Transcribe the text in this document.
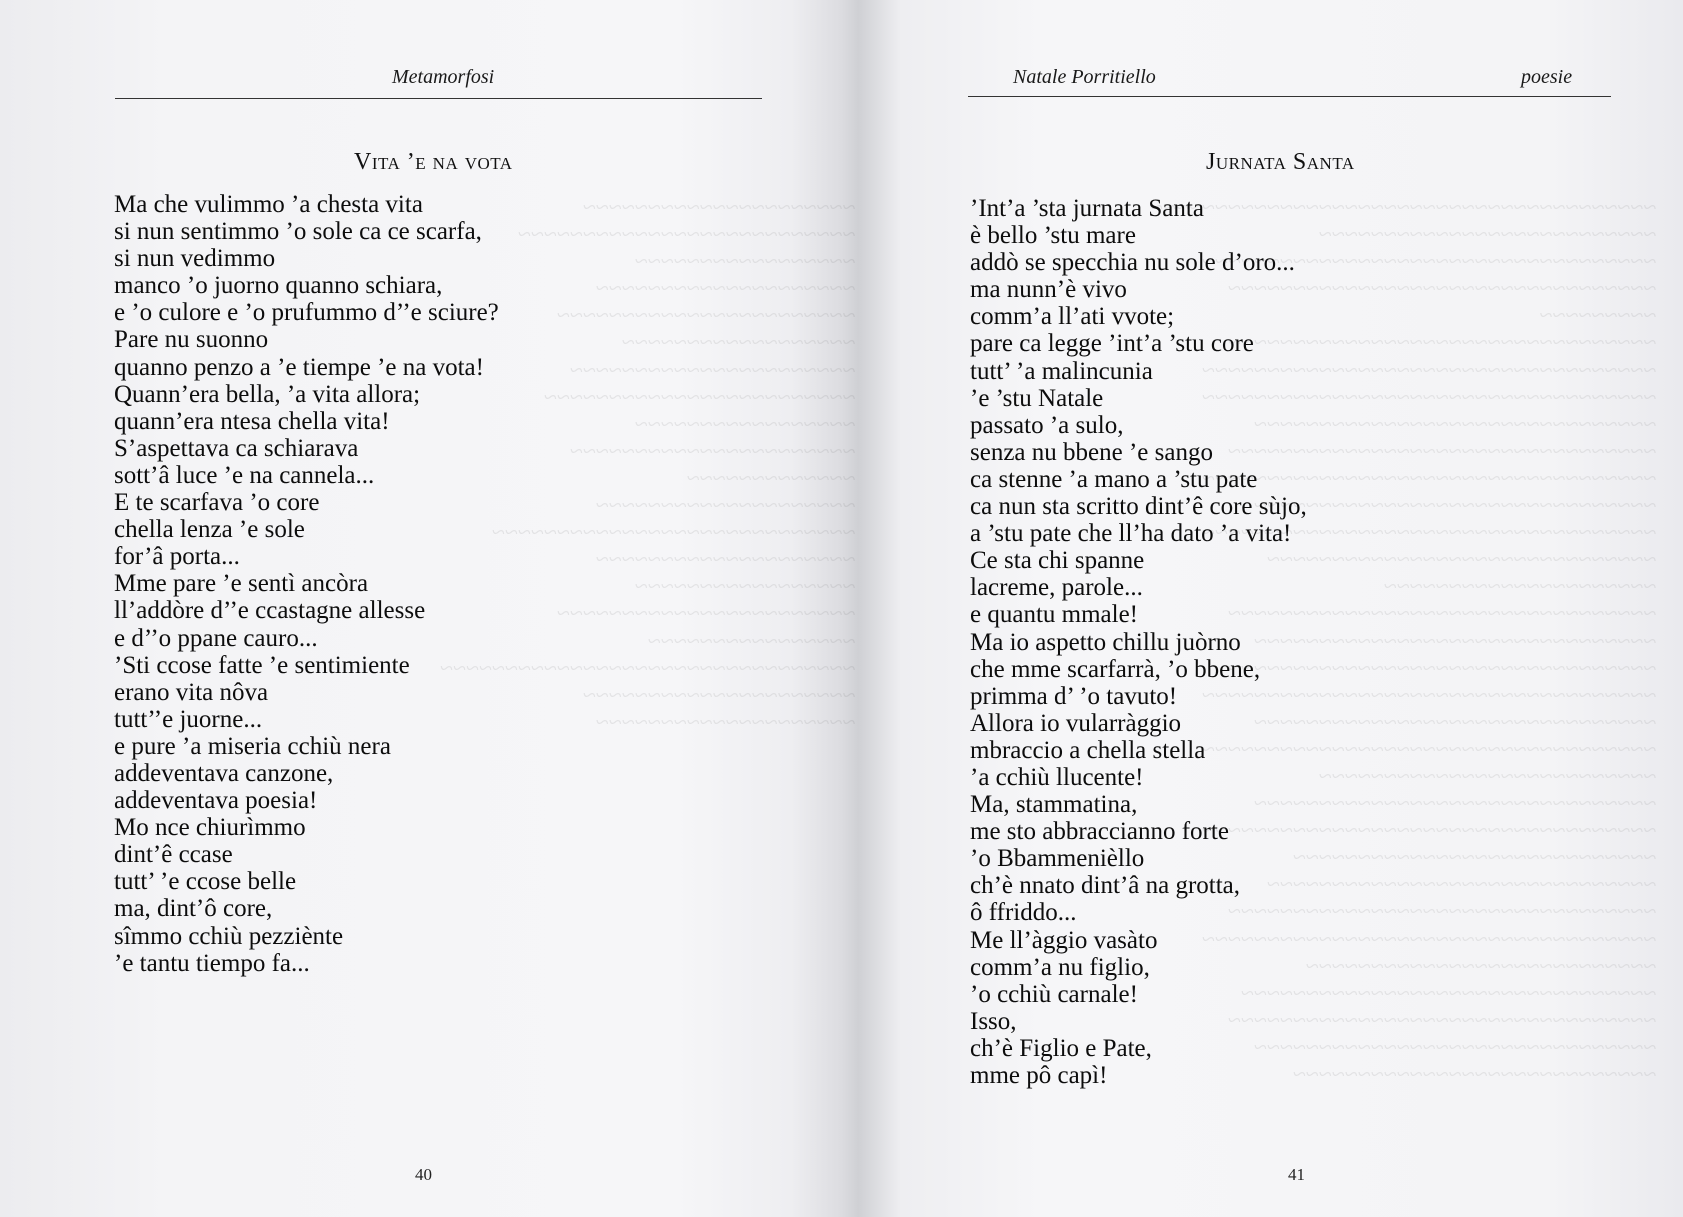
~~~~~~~~~~~~~~~~~~~~~
~~~~~~~~~~~~~~~~~~~~~~~~~~
~~~~~~~~~~~~~~~~~
~~~~~~~~~~~~~~~~~~~~
~~~~~~~~~~~~~~~~~~~~~~~
~~~~~~~~~~~~~~~~~~
~~~~~~~~~~~~~~~~~~~~~~
~~~~~~~~~~~~~~~~~~~~~~~~
~~~~~~~~~~~~~~~~~
~~~~~~~~~~~~~~~~~~~~~~
~~~~~~~~~~~~~
~~~~~~~~~~~~~~~~~~~~
~~~~~~~~~~~~~~~~~~~~~~~~~~~~
~~~~~~~~~~~~~~~~~~~~
~~~~~~~~~~~~~~~~~
~~~~~~~~~~~~~~~~~~~~~~~
~~~~~~~~~~~~~~~~
~~~~~~~~~~~~~~~~~~~~~~~~~~~~~~~~
~~~~~~~~~~~~~~~~~~~~~
~~~~~~~~~~~~~~~~~~~~
~~~~~~~~~~~~~~~~~~~~~~~~~~~~~~~~~~~~~~~
~~~~~~~~~~~~~~~~~~~~~~~~~~
~~~~~~~~~~~~~~~~~~~~~~~~~~~~~~~~~~~
~~~~~~~~~~~~~~~~~~~~~~~~~~~~~~~~~
~~~~~~~~~
~~~~~~~~~~~~~~~~~~~~~~~~~~~~~~~~~
~~~~~~~~~~~~~~~~~~~~~~~~~~~~~~~~~~~
~~~~~~~~~~~~~~~~~~~~~~~~~~~~~~~~~~~
~~~~~~~~~~~~~~~~~~~~~~~~~~~~~~~
~~~~~~~~~~~~~~~~~~~~~~~~~~~~~~~~~
~~~~~~~~~~~~~~~~~~~~~~~~~~~~~~~~~~~
~~~~~~~~~~~~~~~~~~~~~~~~~~~~~~~
~~~~~~~~~~~~~~~~~~~~~~~~~~~~~~~~~~~
~~~~~~~~~~~~~~~~~~~~~~~~~~~~~~
~~~~~~~~~~~~~~~~~~~~~
~~~~~~~~~~~~~~~~~~~~~~~~~~~~~~~~~
~~~~~~~~~~~~~~~~~~~~~~~~~~~~~~~
~~~~~~~~~~~~~~~~~~~~~~~~~~~~~~~~~
~~~~~~~~~~~~~~~~~~~~~~~~~~~~~~~~~~~
~~~~~~~~~~~~~~~~~~~~~~~~~~~~~~~
~~~~~~~~~~~~~~~~~~~~~~~~~~~~~~~~~~~
~~~~~~~~~~~~~~~~~~~~~~~~~~
~~~~~~~~~~~~~~~~~~~~~~~~~~~~~~~
~~~~~~~~~~~~~~~~~~~~~~~~~~~~~~~~~~~
~~~~~~~~~~~~~~~~~~~~~~~~~~~~
~~~~~~~~~~~~~~~~~~~~~~~~~~~~~~
~~~~~~~~~~~~~~~~~~~~~~~~~~~~~~~~~
~~~~~~~~~~~~~~~~~~~~~~~~~~~~~~~~~~~
~~~~~~~~~~~~~~~~~~~~~~~~~~~
~~~~~~~~~~~~~~~~~~~~~~~~~~~~~~~~
~~~~~~~~~~~~~~~~~~~~~~~~~~~~~~~~~
~~~~~~~~~~~~~~~~~~~~~~~~~~~~~~~
~~~~~~~~~~~~~~~~~~~~~~~~~~~~
Metamorfosi
Vita ’e na vota
Ma che vulimmo ’a chesta vita
si nun sentimmo ’o sole ca ce scarfa,
si nun vedimmo
manco ’o juorno quanno schiara,
e ’o culore e ’o prufummo d’’e sciure?
Pare nu suonno
quanno penzo a ’e tiempe ’e na vota!
Quann’era bella, ’a vita allora;
quann’era ntesa chella vita!
S’aspettava ca schiarava
sott’â luce ’e na cannela...
E te scarfava ’o core
chella lenza ’e sole
for’â porta...
Mme pare ’e sentì ancòra
ll’addòre d’’e ccastagne allesse
e d’’o ppane cauro...
’Sti ccose fatte ’e sentimiente
erano vita nôva
tutt’’e juorne...
e pure ’a miseria cchiù nera
addeventava canzone,
addeventava poesia!
Mo nce chiurìmmo
dint’ê ccase
tutt’ ’e ccose belle
ma, dint’ô core,
sîmmo cchiù pezziènte
’e tantu tiempo fa...
40
Natale Porritiello	poesie
Jurnata Santa
’Int’a ’sta jurnata Santa
è bello ’stu mare
addò se specchia nu sole d’oro...
ma nunn’è vivo
comm’a ll’ati vvote;
pare ca legge ’int’a ’stu core
tutt’ ’a malincunia
’e ’stu Natale
passato ’a sulo,
senza nu bbene ’e sango
ca stenne ’a mano a ’stu pate
ca nun sta scritto dint’ê core sùjo,
a ’stu pate che ll’ha dato ’a vita!
Ce sta chi spanne
lacreme, parole...
e quantu mmale!
Ma io aspetto chillu juòrno
che mme scarfarrà, ’o bbene,
primma d’ ’o tavuto!
Allora io vularràggio
mbraccio a chella stella
’a cchiù llucente!
Ma, stammatina,
me sto abbracciannο forte
’o Bbammenièllo
ch’è nnato dint’â na grotta,
ô ffriddo...
Me ll’àggio vasàto
comm’a nu figlio,
’o cchiù carnale!
Isso,
ch’è Figlio e Pate,
mme pô capì!
41
